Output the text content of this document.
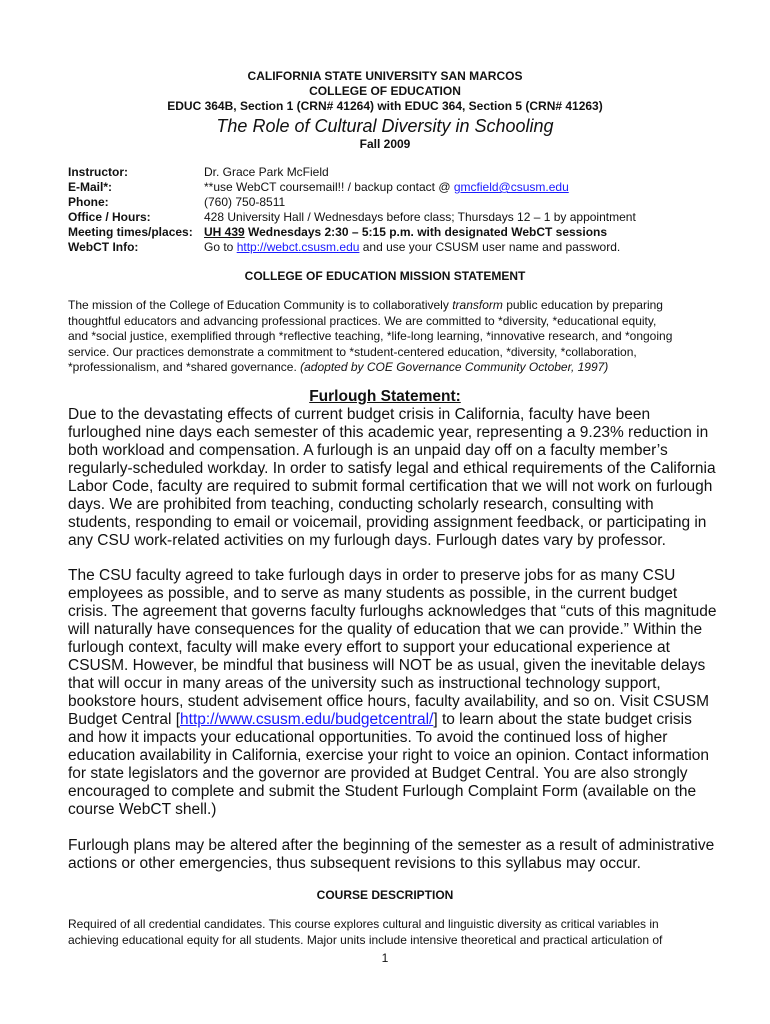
CALIFORNIA STATE UNIVERSITY SAN MARCOS
COLLEGE OF EDUCATION
EDUC 364B, Section 1 (CRN# 41264) with EDUC 364, Section 5 (CRN# 41263)
The Role of Cultural Diversity in Schooling
Fall 2009
Instructor:	Dr. Grace Park McField
E-Mail*:	**use WebCT coursemail!! / backup contact @ gmcfield@csusm.edu
Phone:	(760) 750-8511
Office / Hours:	428 University Hall / Wednesdays before class; Thursdays 12 – 1 by appointment
Meeting times/places: UH 439 Wednesdays 2:30 – 5:15 p.m. with designated WebCT sessions
WebCT Info:	Go to http://webct.csusm.edu and use your CSUSM user name and password.
COLLEGE OF EDUCATION MISSION STATEMENT
The mission of the College of Education Community is to collaboratively transform public education by preparing
thoughtful educators and advancing professional practices. We are committed to *diversity, *educational equity,
and *social justice, exemplified through *reflective teaching, *life-long learning, *innovative research, and *ongoing
service. Our practices demonstrate a commitment to *student-centered education, *diversity, *collaboration,
*professionalism, and *shared governance. (adopted by COE Governance Community October, 1997)
Furlough Statement:
Due to the devastating effects of current budget crisis in California, faculty have been
furloughed nine days each semester of this academic year, representing a 9.23% reduction in
both workload and compensation. A furlough is an unpaid day off on a faculty member’s
regularly-scheduled workday. In order to satisfy legal and ethical requirements of the California
Labor Code, faculty are required to submit formal certification that we will not work on furlough
days. We are prohibited from teaching, conducting scholarly research, consulting with
students, responding to email or voicemail, providing assignment feedback, or participating in
any CSU work-related activities on my furlough days. Furlough dates vary by professor.
The CSU faculty agreed to take furlough days in order to preserve jobs for as many CSU
employees as possible, and to serve as many students as possible, in the current budget
crisis. The agreement that governs faculty furloughs acknowledges that “cuts of this magnitude
will naturally have consequences for the quality of education that we can provide.” Within the
furlough context, faculty will make every effort to support your educational experience at
CSUSM. However, be mindful that business will NOT be as usual, given the inevitable delays
that will occur in many areas of the university such as instructional technology support,
bookstore hours, student advisement office hours, faculty availability, and so on. Visit CSUSM
Budget Central [http://www.csusm.edu/budgetcentral/] to learn about the state budget crisis
and how it impacts your educational opportunities. To avoid the continued loss of higher
education availability in California, exercise your right to voice an opinion. Contact information
for state legislators and the governor are provided at Budget Central. You are also strongly
encouraged to complete and submit the Student Furlough Complaint Form (available on the
course WebCT shell.)
Furlough plans may be altered after the beginning of the semester as a result of administrative
actions or other emergencies, thus subsequent revisions to this syllabus may occur.
COURSE DESCRIPTION
Required of all credential candidates. This course explores cultural and linguistic diversity as critical variables in
achieving educational equity for all students. Major units include intensive theoretical and practical articulation of
1
